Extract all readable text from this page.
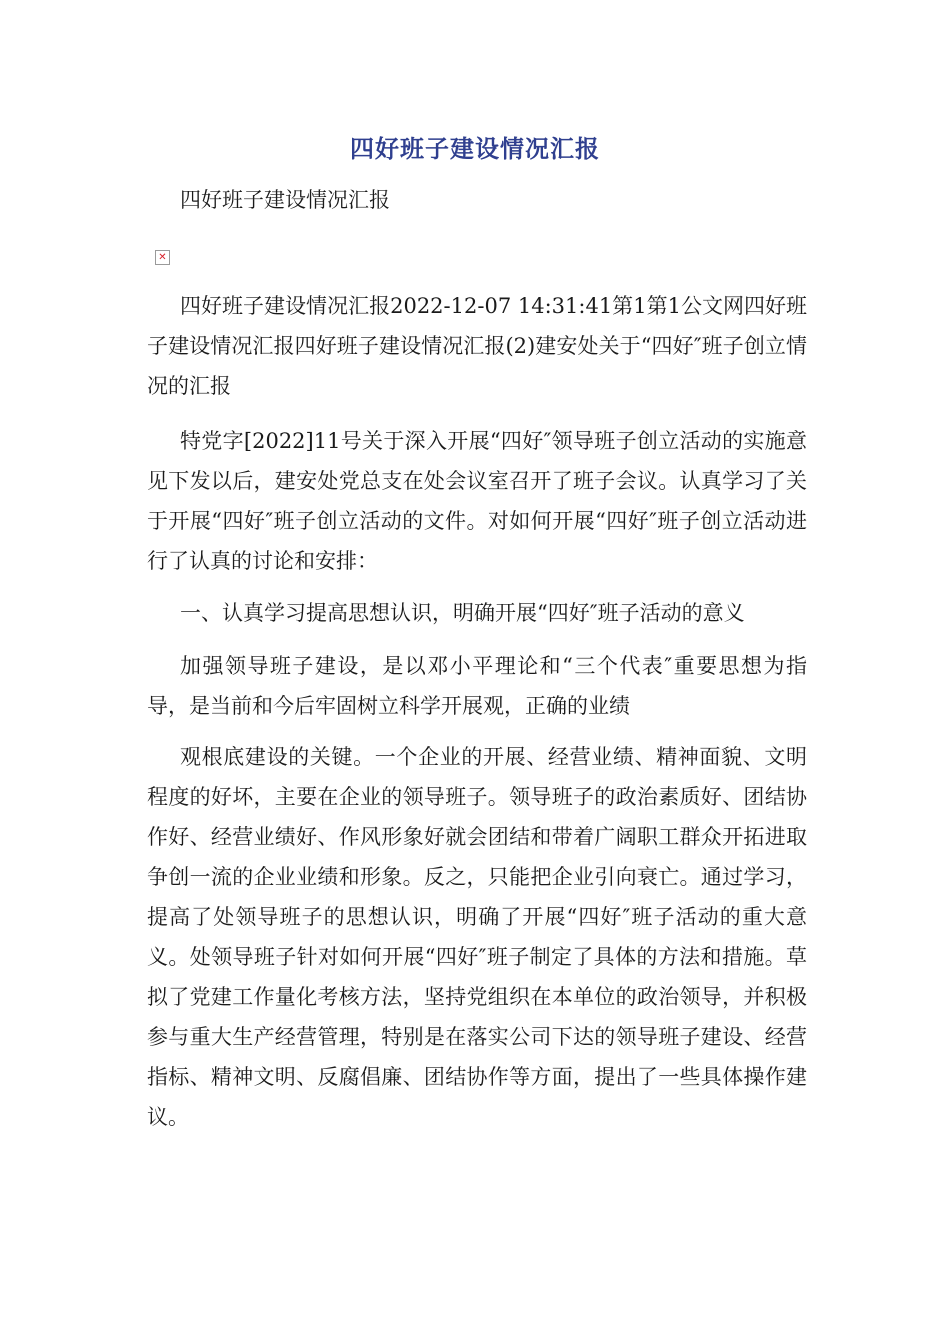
四好班子建设情况汇报

四好班子建设情况汇报

✕

四好班子建设情况汇报2022-12-07 14:31:41第1第1公文网四好班子建设情况汇报四好班子建设情况汇报(2)建安处关于“四好″班子创立情况的汇报

特党字[2022]11号关于深入开展“四好″领导班子创立活动的实施意见下发以后，建安处党总支在处会议室召开了班子会议。认真学习了关于开展“四好″班子创立活动的文件。对如何开展“四好″班子创立活动进行了认真的讨论和安排：

一、认真学习提高思想认识，明确开展“四好″班子活动的意义

加强领导班子建设，是以邓小平理论和“三个代表″重要思想为指导，是当前和今后牢固树立科学开展观，正确的业绩

观根底建设的关键。一个企业的开展、经营业绩、精神面貌、文明程度的好坏，主要在企业的领导班子。领导班子的政治素质好、团结协作好、经营业绩好、作风形象好就会团结和带着广阔职工群众开拓进取争创一流的企业业绩和形象。反之，只能把企业引向衰亡。通过学习，提高了处领导班子的思想认识，明确了开展“四好″班子活动的重大意义。处领导班子针对如何开展“四好″班子制定了具体的方法和措施。草拟了党建工作量化考核方法，坚持党组织在本单位的政治领导，并积极参与重大生产经营管理，特别是在落实公司下达的领导班子建设、经营指标、精神文明、反腐倡廉、团结协作等方面，提出了一些具体操作建议。
